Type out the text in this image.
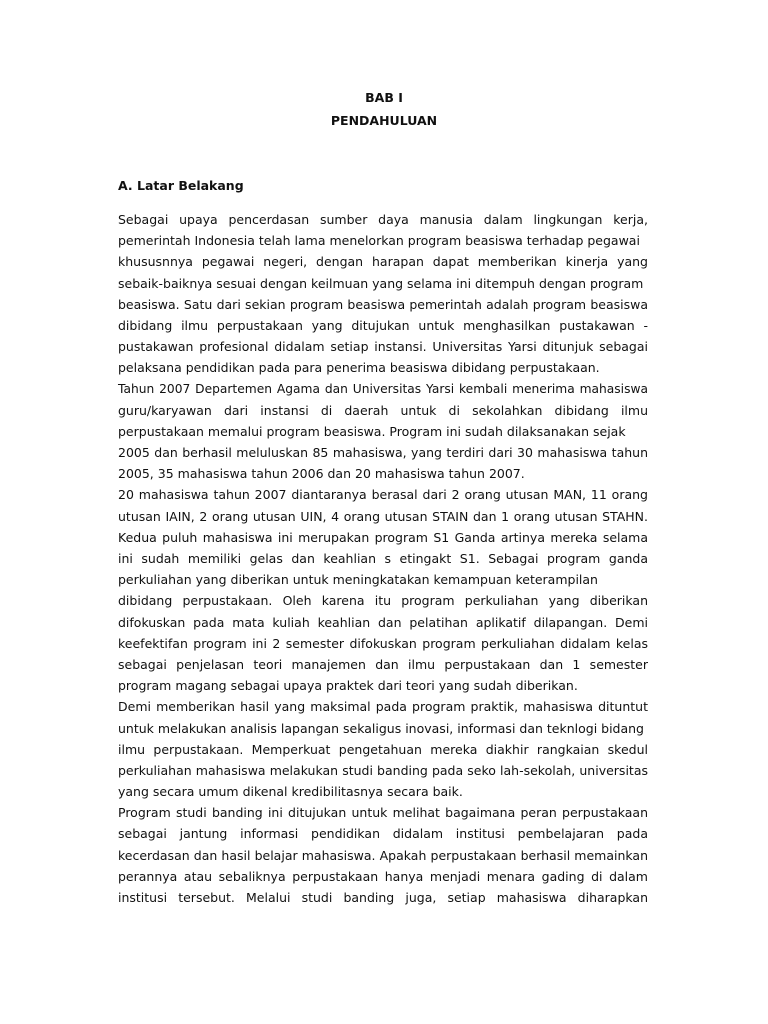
BAB I
PENDAHULUAN
A. Latar Belakang
Sebagai upaya pencerdasan sumber daya manusia dalam lingkungan kerja,
pemerintah Indonesia telah lama menelorkan program beasiswa terhadap pegawai
khususnnya pegawai negeri, dengan harapan dapat memberikan kinerja yang
sebaik-baiknya sesuai dengan keilmuan yang selama ini ditempuh dengan program
beasiswa. Satu dari sekian program beasiswa pemerintah adalah program beasiswa
dibidang ilmu perpustakaan yang ditujukan untuk menghasilkan pustakawan -
pustakawan profesional didalam setiap instansi. Universitas Yarsi ditunjuk sebagai
pelaksana pendidikan pada para penerima beasiswa dibidang perpustakaan.
Tahun 2007 Departemen Agama dan Universitas Yarsi kembali menerima mahasiswa
guru/karyawan dari instansi di daerah untuk di sekolahkan dibidang ilmu
perpustakaan memalui program beasiswa. Program ini sudah dilaksanakan sejak
2005 dan berhasil meluluskan 85 mahasiswa, yang terdiri dari 30 mahasiswa tahun
2005, 35 mahasiswa tahun 2006 dan 20 mahasiswa tahun 2007.
20 mahasiswa tahun 2007 diantaranya berasal dari 2 orang utusan MAN, 11 orang
utusan IAIN, 2 orang utusan UIN, 4 orang utusan STAIN dan 1 orang utusan STAHN.
Kedua puluh mahasiswa ini merupakan program S1 Ganda artinya mereka selama
ini sudah memiliki gelas dan keahlian s etingakt S1. Sebagai program ganda
perkuliahan yang diberikan untuk meningkatakan kemampuan keterampilan
dibidang perpustakaan. Oleh karena itu program perkuliahan yang diberikan
difokuskan pada mata kuliah keahlian dan pelatihan aplikatif dilapangan. Demi
keefektifan program ini 2 semester difokuskan program perkuliahan didalam kelas
sebagai penjelasan teori manajemen dan ilmu perpustakaan dan 1 semester
program magang sebagai upaya praktek dari teori yang sudah diberikan.
Demi memberikan hasil yang maksimal pada program praktik, mahasiswa dituntut
untuk melakukan analisis lapangan sekaligus inovasi, informasi dan teknlogi bidang
ilmu perpustakaan. Memperkuat pengetahuan mereka diakhir rangkaian skedul
perkuliahan mahasiswa melakukan studi banding pada seko lah-sekolah, universitas
yang secara umum dikenal kredibilitasnya secara baik.
Program studi banding ini ditujukan untuk melihat bagaimana peran perpustakaan
sebagai jantung informasi pendidikan didalam institusi pembelajaran pada
kecerdasan dan hasil belajar mahasiswa. Apakah perpustakaan berhasil memainkan
perannya atau sebaliknya perpustakaan hanya menjadi menara gading di dalam
institusi tersebut. Melalui studi banding juga, setiap mahasiswa diharapkan
